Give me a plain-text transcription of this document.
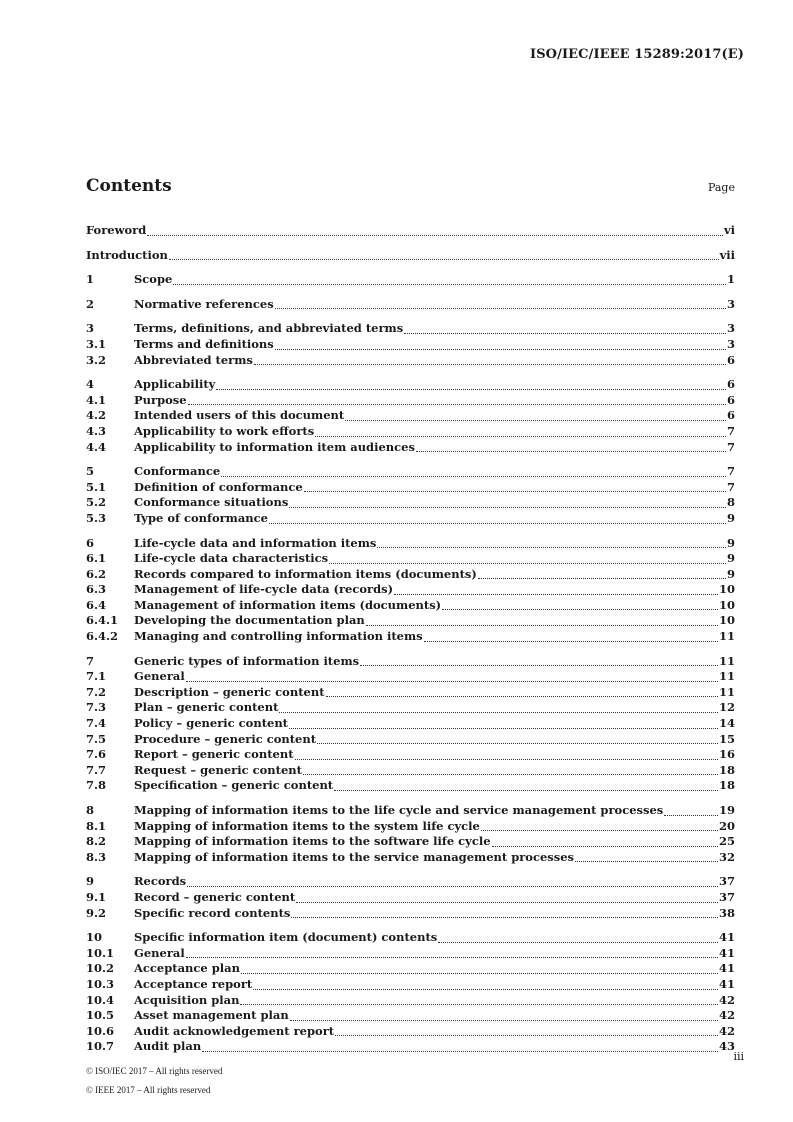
ISO/IEC/IEEE 15289:2017(E)
Contents	Page
Foreword	vi
Introduction	vii
1	Scope	1
2	Normative references	3
3	Terms, definitions, and abbreviated terms	3
3.1	Terms and definitions	3
3.2	Abbreviated terms	6
4	Applicability	6
4.1	Purpose	6
4.2	Intended users of this document	6
4.3	Applicability to work efforts	7
4.4	Applicability to information item audiences	7
5	Conformance	7
5.1	Definition of conformance	7
5.2	Conformance situations	8
5.3	Type of conformance	9
6	Life-cycle data and information items	9
6.1	Life-cycle data characteristics	9
6.2	Records compared to information items (documents)	9
6.3	Management of life-cycle data (records)	10
6.4	Management of information items (documents)	10
6.4.1	Developing the documentation plan	10
6.4.2	Managing and controlling information items	11
7	Generic types of information items	11
7.1	General	11
7.2	Description – generic content	11
7.3	Plan – generic content	12
7.4	Policy – generic content	14
7.5	Procedure – generic content	15
7.6	Report – generic content	16
7.7	Request – generic content	18
7.8	Specification – generic content	18
8	Mapping of information items to the life cycle and service management processes	19
8.1	Mapping of information items to the system life cycle	20
8.2	Mapping of information items to the software life cycle	25
8.3	Mapping of information items to the service management processes	32
9	Records	37
9.1	Record – generic content	37
9.2	Specific record contents	38
10	Specific information item (document) contents	41
10.1	General	41
10.2	Acceptance plan	41
10.3	Acceptance report	41
10.4	Acquisition plan	42
10.5	Asset management plan	42
10.6	Audit acknowledgement report	42
10.7	Audit plan	43
iii
© ISO/IEC 2017 – All rights reserved
© IEEE 2017 – All rights reserved
